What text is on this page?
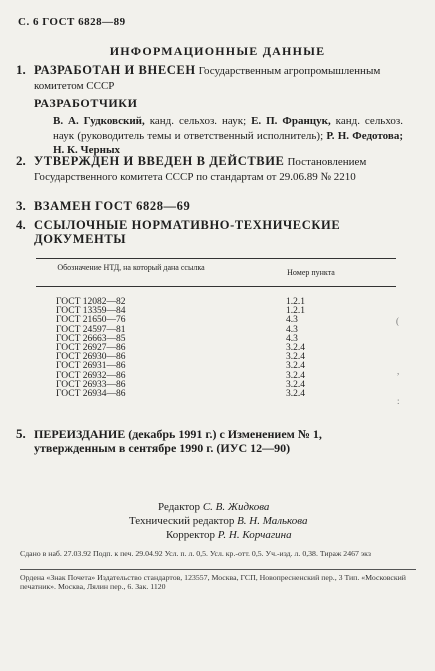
С. 6 ГОСТ 6828—89
ИНФОРМАЦИОННЫЕ ДАННЫЕ
1. РАЗРАБОТАН И ВНЕСЕН Государственным агропромышленным комитетом СССР
РАЗРАБОТЧИКИ
В. А. Гудковский, канд. сельхоз. наук; Е. П. Францук, канд. сельхоз. наук (руководитель темы и ответственный исполнитель); Р. Н. Федотова; Н. К. Черных
2. УТВЕРЖДЕН И ВВЕДЕН В ДЕЙСТВИЕ Постановлением Государственного комитета СССР по стандартам от 29.06.89 № 2210
3. ВЗАМЕН ГОСТ 6828—69
4. ССЫЛОЧНЫЕ НОРМАТИВНО-ТЕХНИЧЕСКИЕ ДОКУМЕНТЫ
Обозначение НТД, на который дана ссылка
Номер пункта
ГОСТ 12082—82	1.2.1
ГОСТ 13359—84	1.2.1
ГОСТ 21650—76	4.3
ГОСТ 24597—81	4.3
ГОСТ 26663—85	4.3
ГОСТ 26927—86	3.2.4
ГОСТ 26930—86	3.2.4
ГОСТ 26931—86	3.2.4
ГОСТ 26932—86	3.2.4
ГОСТ 26933—86	3.2.4
ГОСТ 26934—86	3.2.4
5. ПЕРЕИЗДАНИЕ (декабрь 1991 г.) с Изменением № 1, утвержденным в сентябре 1990 г. (ИУС 12—90)
Редактор С. В. Жидкова
Технический редактор В. Н. Малькова
Корректор Р. Н. Корчагина
Сдано в наб. 27.03.92 Подп. к печ. 29.04.92 Усл. п. л. 0,5. Усл. кр.-отт. 0,5. Уч.-изд. л. 0,38. Тираж 2467 экз
Ордена «Знак Почета» Издательство стандартов, 123557, Москва, ГСП, Новопресненский пер., 3 Тип. «Московский печатник». Москва, Лялин пер., 6. Зак. 1120
(
,
:
